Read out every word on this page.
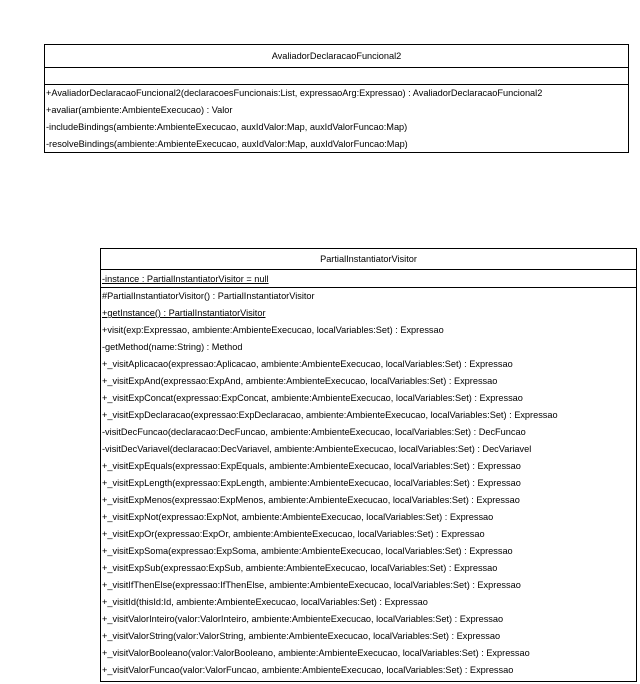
AvaliadorDeclaracaoFuncional2
+AvaliadorDeclaracaoFuncional2(declaracoesFuncionais:List, expressaoArg:Expressao) : AvaliadorDeclaracaoFuncional2
+avaliar(ambiente:AmbienteExecucao) : Valor
-includeBindings(ambiente:AmbienteExecucao, auxIdValor:Map, auxIdValorFuncao:Map)
-resolveBindings(ambiente:AmbienteExecucao, auxIdValor:Map, auxIdValorFuncao:Map)
PartialInstantiatorVisitor
-instance : PartialInstantiatorVisitor = null
#PartialInstantiatorVisitor() : PartialInstantiatorVisitor
+getInstance() : PartialInstantiatorVisitor
+visit(exp:Expressao, ambiente:AmbienteExecucao, localVariables:Set) : Expressao
-getMethod(name:String) : Method
+_visitAplicacao(expressao:Aplicacao, ambiente:AmbienteExecucao, localVariables:Set) : Expressao
+_visitExpAnd(expressao:ExpAnd, ambiente:AmbienteExecucao, localVariables:Set) : Expressao
+_visitExpConcat(expressao:ExpConcat, ambiente:AmbienteExecucao, localVariables:Set) : Expressao
+_visitExpDeclaracao(expressao:ExpDeclaracao, ambiente:AmbienteExecucao, localVariables:Set) : Expressao
-visitDecFuncao(declaracao:DecFuncao, ambiente:AmbienteExecucao, localVariables:Set) : DecFuncao
-visitDecVariavel(declaracao:DecVariavel, ambiente:AmbienteExecucao, localVariables:Set) : DecVariavel
+_visitExpEquals(expressao:ExpEquals, ambiente:AmbienteExecucao, localVariables:Set) : Expressao
+_visitExpLength(expressao:ExpLength, ambiente:AmbienteExecucao, localVariables:Set) : Expressao
+_visitExpMenos(expressao:ExpMenos, ambiente:AmbienteExecucao, localVariables:Set) : Expressao
+_visitExpNot(expressao:ExpNot, ambiente:AmbienteExecucao, localVariables:Set) : Expressao
+_visitExpOr(expressao:ExpOr, ambiente:AmbienteExecucao, localVariables:Set) : Expressao
+_visitExpSoma(expressao:ExpSoma, ambiente:AmbienteExecucao, localVariables:Set) : Expressao
+_visitExpSub(expressao:ExpSub, ambiente:AmbienteExecucao, localVariables:Set) : Expressao
+_visitIfThenElse(expressao:IfThenElse, ambiente:AmbienteExecucao, localVariables:Set) : Expressao
+_visitId(thisId:Id, ambiente:AmbienteExecucao, localVariables:Set) : Expressao
+_visitValorInteiro(valor:ValorInteiro, ambiente:AmbienteExecucao, localVariables:Set) : Expressao
+_visitValorString(valor:ValorString, ambiente:AmbienteExecucao, localVariables:Set) : Expressao
+_visitValorBooleano(valor:ValorBooleano, ambiente:AmbienteExecucao, localVariables:Set) : Expressao
+_visitValorFuncao(valor:ValorFuncao, ambiente:AmbienteExecucao, localVariables:Set) : Expressao
